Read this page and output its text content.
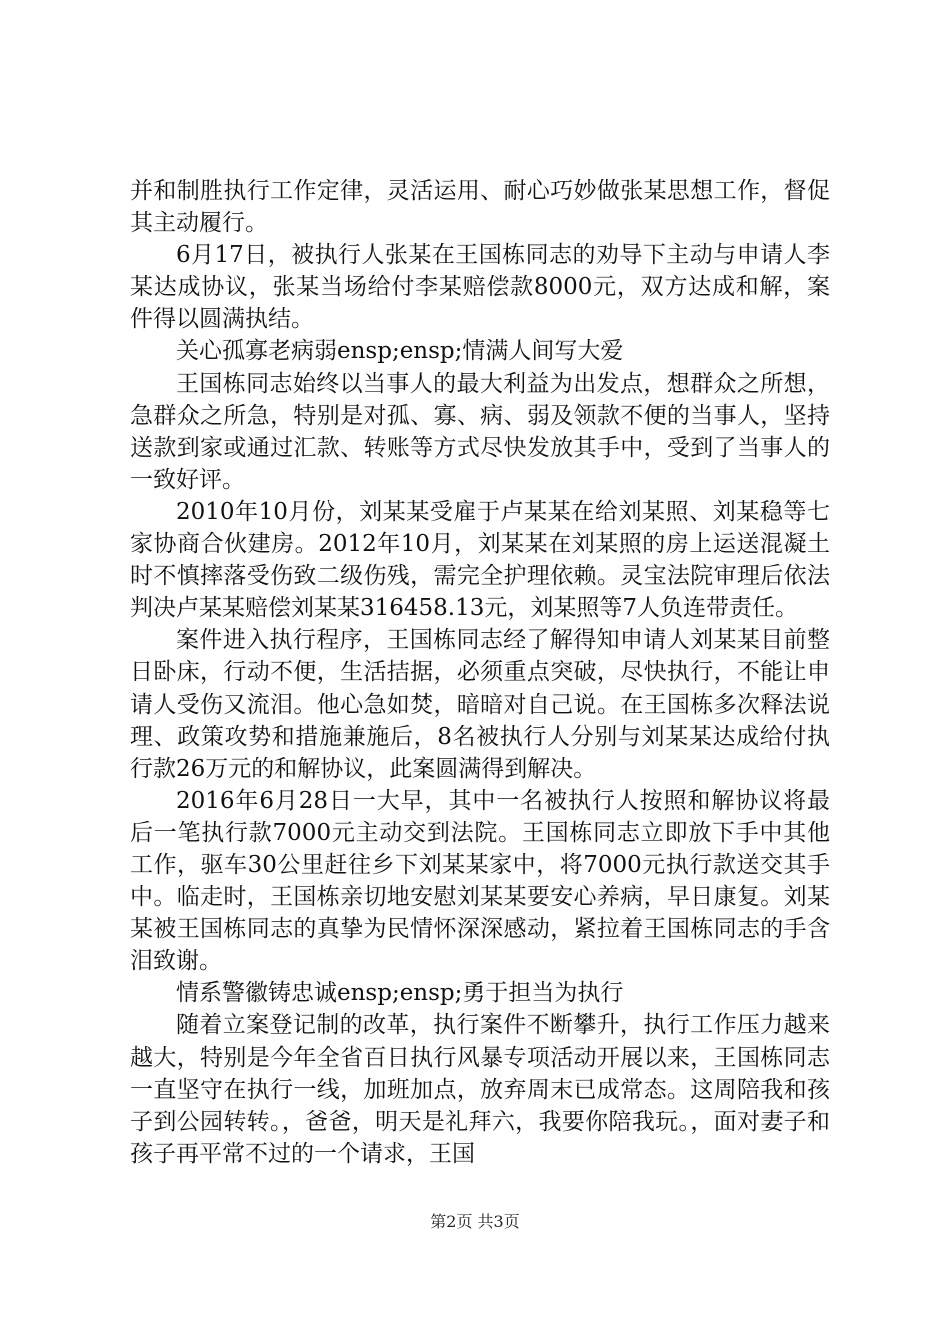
并和制胜执行工作定律，灵活运用、耐心巧妙做张某思想工作，督促其主动履行。

6月17日，被执行人张某在王国栋同志的劝导下主动与申请人李某达成协议，张某当场给付李某赔偿款8000元，双方达成和解，案件得以圆满执结。

关心孤寡老病弱ensp;ensp;情满人间写大爱

王国栋同志始终以当事人的最大利益为出发点，想群众之所想，急群众之所急，特别是对孤、寡、病、弱及领款不便的当事人，坚持送款到家或通过汇款、转账等方式尽快发放其手中，受到了当事人的一致好评。

2010年10月份，刘某某受雇于卢某某在给刘某照、刘某稳等七家协商合伙建房。2012年10月，刘某某在刘某照的房上运送混凝土时不慎摔落受伤致二级伤残，需完全护理依赖。灵宝法院审理后依法判决卢某某赔偿刘某某316458.13元，刘某照等7人负连带责任。

案件进入执行程序，王国栋同志经了解得知申请人刘某某目前整日卧床，行动不便，生活拮据，必须重点突破，尽快执行，不能让申请人受伤又流泪。他心急如焚，暗暗对自己说。在王国栋多次释法说理、政策攻势和措施兼施后，8名被执行人分别与刘某某达成给付执行款26万元的和解协议，此案圆满得到解决。

2016年6月28日一大早，其中一名被执行人按照和解协议将最后一笔执行款7000元主动交到法院。王国栋同志立即放下手中其他工作，驱车30公里赶往乡下刘某某家中，将7000元执行款送交其手中。临走时，王国栋亲切地安慰刘某某要安心养病，早日康复。刘某某被王国栋同志的真挚为民情怀深深感动，紧拉着王国栋同志的手含泪致谢。

情系警徽铸忠诚ensp;ensp;勇于担当为执行

随着立案登记制的改革，执行案件不断攀升，执行工作压力越来越大，特别是今年全省百日执行风暴专项活动开展以来，王国栋同志一直坚守在执行一线，加班加点，放弃周末已成常态。这周陪我和孩子到公园转转。，爸爸，明天是礼拜六，我要你陪我玩。，面对妻子和孩子再平常不过的一个请求，王国

第2页 共3页
